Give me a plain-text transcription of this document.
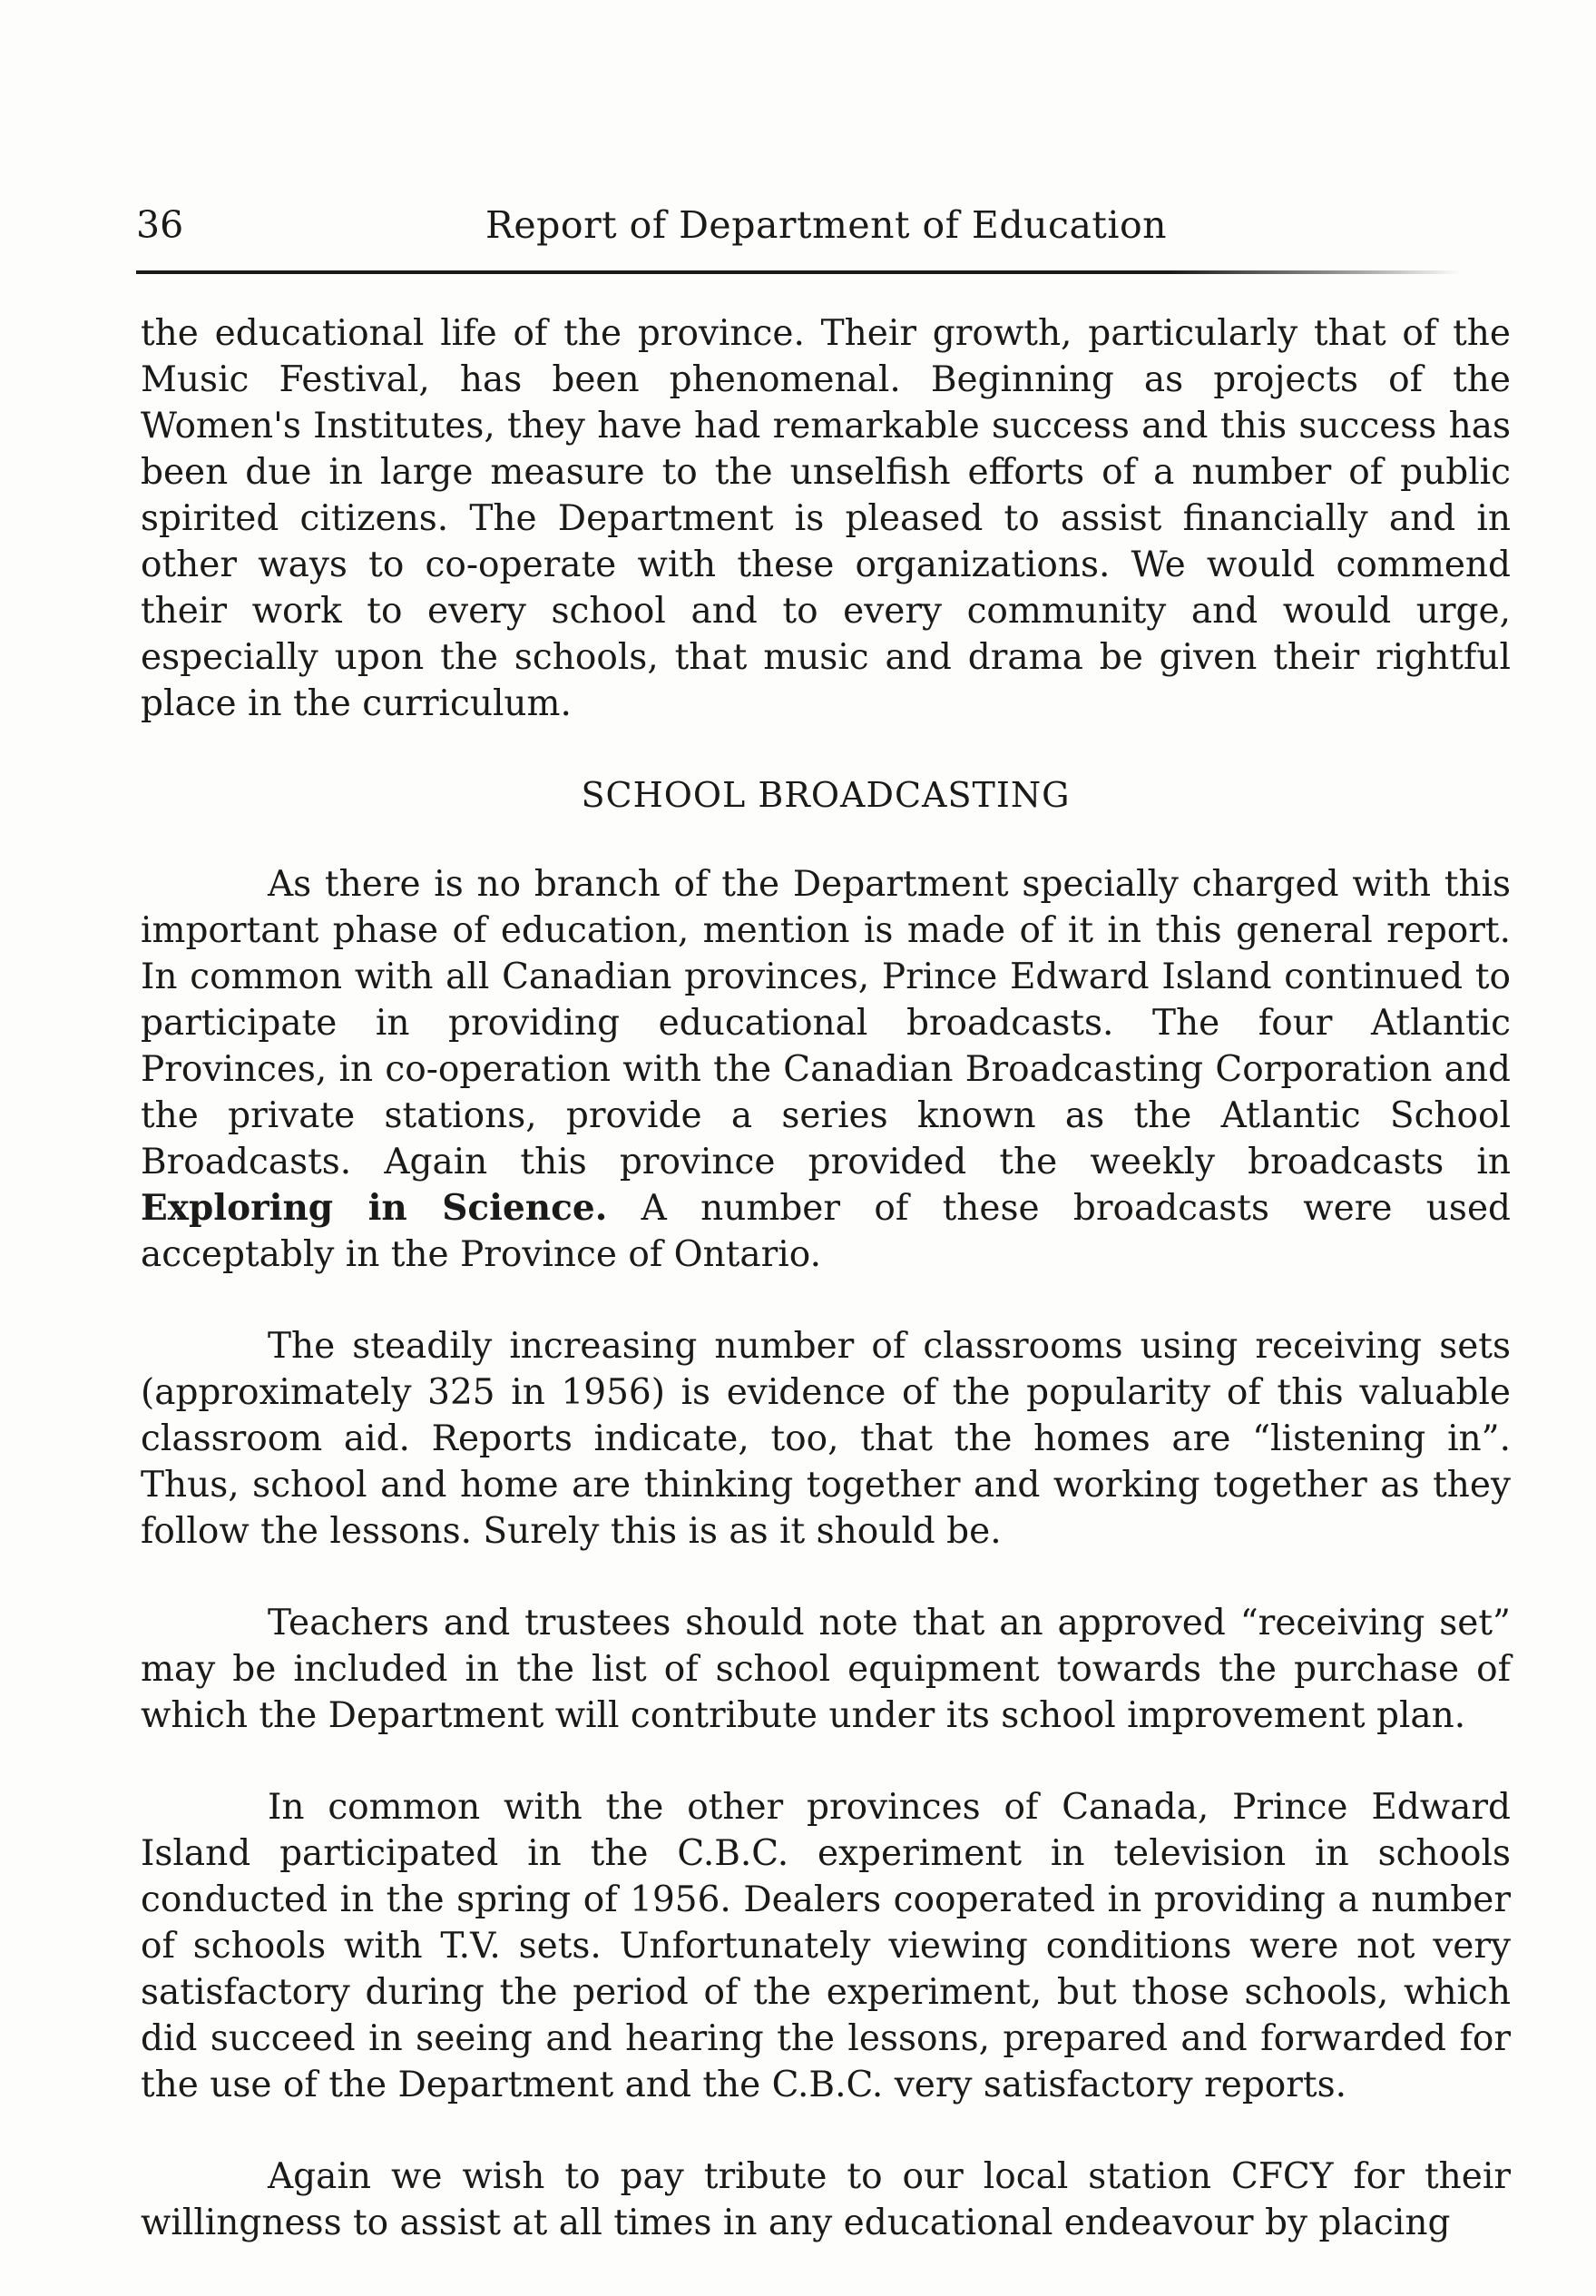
36	Report of Department of Education

the educational life of the province. Their growth, particularly that of the Music Festival, has been phenomenal. Beginning as projects of the Women's Institutes, they have had remarkable success and this success has been due in large measure to the unselfish efforts of a number of public spirited citizens. The Department is pleased to assist financially and in other ways to co-operate with these organizations. We would commend their work to every school and to every community and would urge, especially upon the schools, that music and drama be given their rightful place in the curriculum.

SCHOOL BROADCASTING

As there is no branch of the Department specially charged with this important phase of education, mention is made of it in this general report. In common with all Canadian provinces, Prince Edward Island continued to participate in providing educational broadcasts. The four Atlantic Provinces, in co-operation with the Canadian Broadcasting Corporation and the private stations, provide a series known as the Atlantic School Broadcasts. Again this province provided the weekly broadcasts in Exploring in Science. A number of these broadcasts were used acceptably in the Province of Ontario.

The steadily increasing number of classrooms using receiving sets (approximately 325 in 1956) is evidence of the popularity of this valuable classroom aid. Reports indicate, too, that the homes are “listening in”. Thus, school and home are thinking together and working together as they follow the lessons. Surely this is as it should be.

Teachers and trustees should note that an approved “receiving set” may be included in the list of school equipment towards the purchase of which the Department will contribute under its school improvement plan.

In common with the other provinces of Canada, Prince Edward Island participated in the C.B.C. experiment in television in schools conducted in the spring of 1956. Dealers cooperated in providing a number of schools with T.V. sets. Unfortunately viewing conditions were not very satisfactory during the period of the experiment, but those schools, which did succeed in seeing and hearing the lessons, prepared and forwarded for the use of the Department and the C.B.C. very satisfactory reports.

Again we wish to pay tribute to our local station CFCY for their willingness to assist at all times in any educational endeavour by placing
